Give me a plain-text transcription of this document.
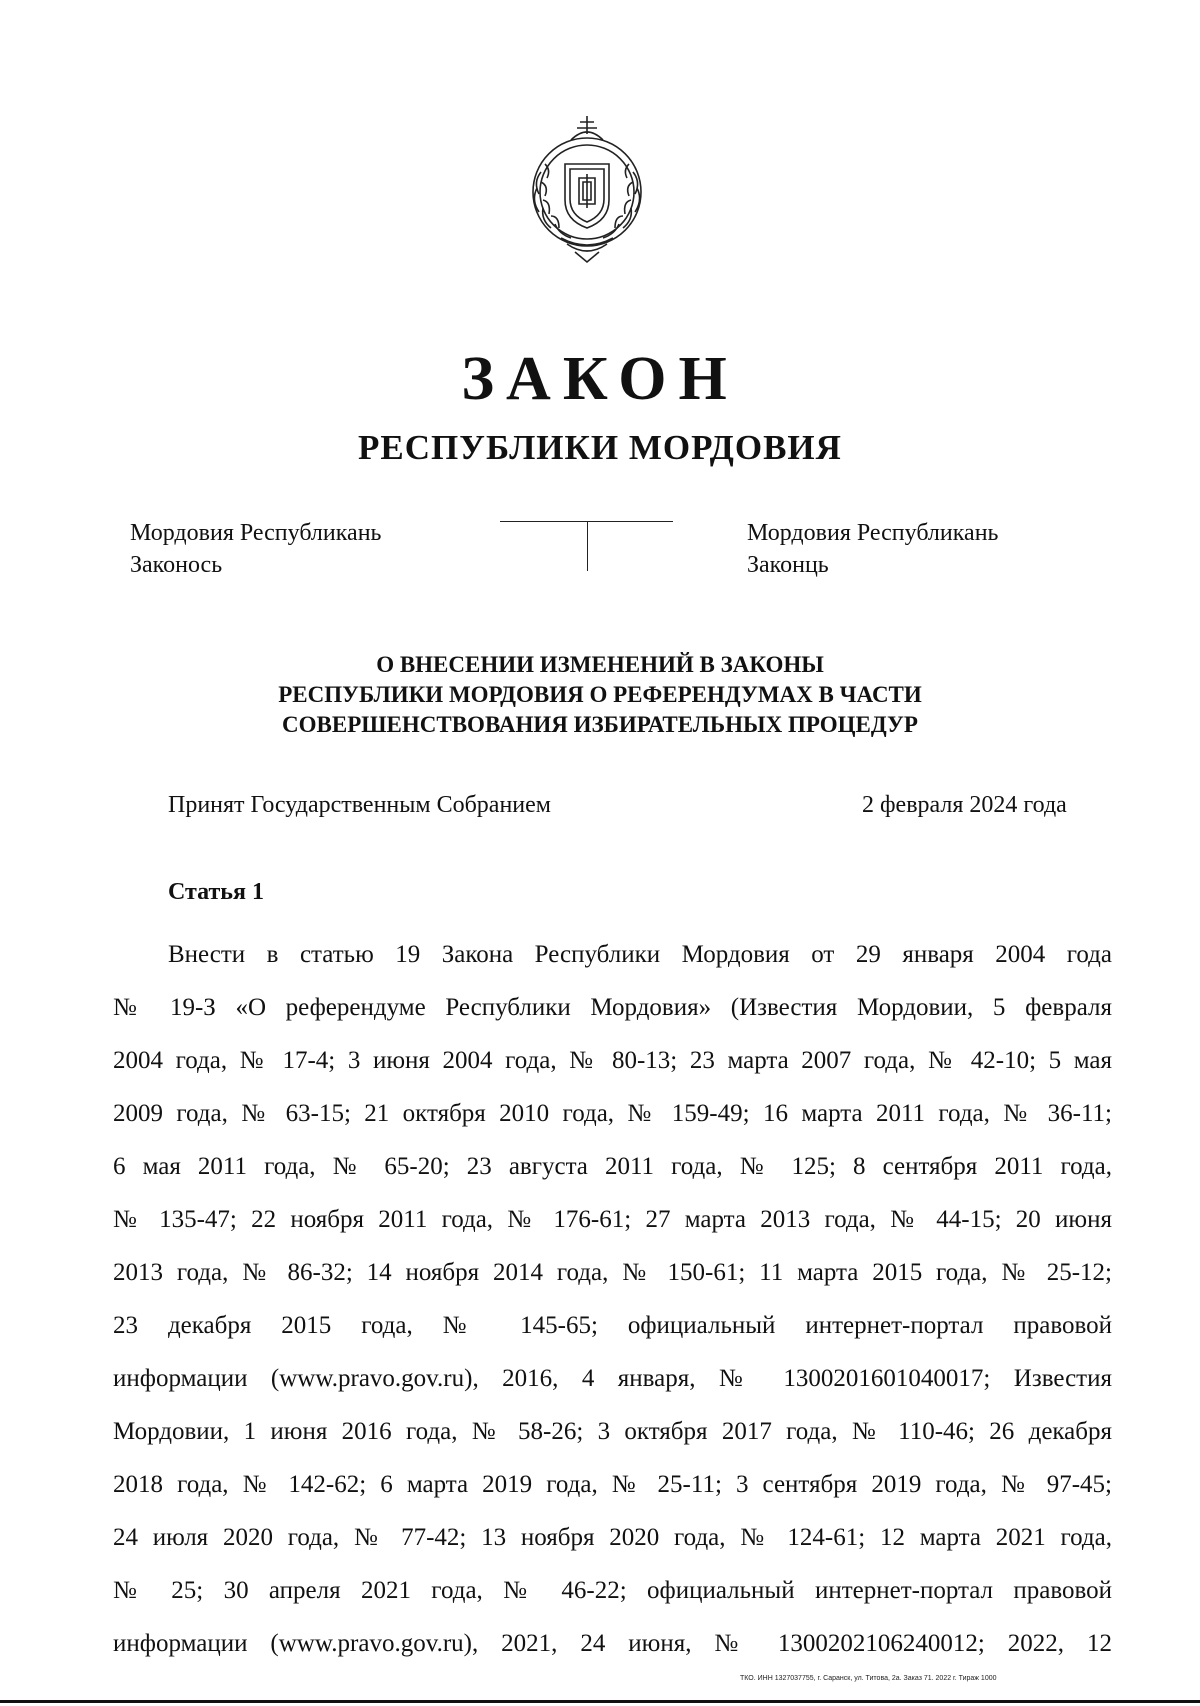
ЗАКОН
РЕСПУБЛИКИ МОРДОВИЯ
Мордовия Республикань
Законось
Мордовия Республикань
Законць
О ВНЕСЕНИИ ИЗМЕНЕНИЙ В ЗАКОНЫ
РЕСПУБЛИКИ МОРДОВИЯ О РЕФЕРЕНДУМАХ В ЧАСТИ
СОВЕРШЕНСТВОВАНИЯ ИЗБИРАТЕЛЬНЫХ ПРОЦЕДУР
Принят Государственным Собранием	2 февраля 2024 года
Статья 1
Внести в статью 19 Закона Республики Мордовия от 29 января 2004 года
№ 19-З «О референдуме Республики Мордовия» (Известия Мордовии, 5 февраля
2004 года, № 17-4; 3 июня 2004 года, № 80-13; 23 марта 2007 года, № 42-10; 5 мая
2009 года, № 63-15; 21 октября 2010 года, № 159-49; 16 марта 2011 года, № 36-11;
6 мая 2011 года, № 65-20; 23 августа 2011 года, № 125; 8 сентября 2011 года,
№ 135-47; 22 ноября 2011 года, № 176-61; 27 марта 2013 года, № 44-15; 20 июня
2013 года, № 86-32; 14 ноября 2014 года, № 150-61; 11 марта 2015 года, № 25-12;
23 декабря 2015 года, № 145-65; официальный интернет-портал правовой
информации (www.pravo.gov.ru), 2016, 4 января, № 1300201601040017; Известия
Мордовии, 1 июня 2016 года, № 58-26; 3 октября 2017 года, № 110-46; 26 декабря
2018 года, № 142-62; 6 марта 2019 года, № 25-11; 3 сентября 2019 года, № 97-45;
24 июля 2020 года, № 77-42; 13 ноября 2020 года, № 124-61; 12 марта 2021 года,
№ 25; 30 апреля 2021 года, № 46-22; официальный интернет-портал правовой
информации (www.pravo.gov.ru), 2021, 24 июня, № 1300202106240012; 2022, 12
ТКО. ИНН 1327037755, г. Саранск, ул. Титова, 2а. Заказ 71. 2022 г. Тираж 1000
